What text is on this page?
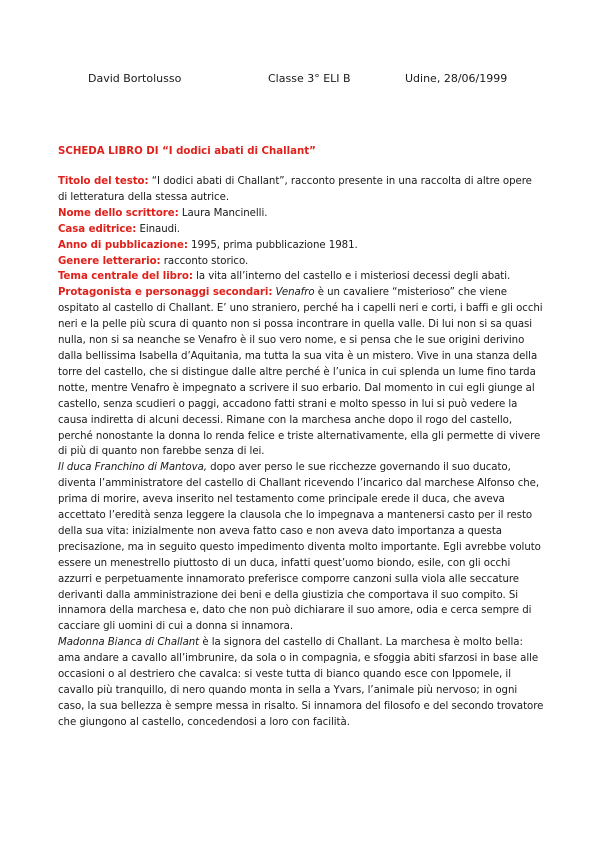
David Bortolusso	Classe 3° ELI B	Udine, 28/06/1999
SCHEDA LIBRO DI “I dodici abati di Challant”

Titolo del testo: “I dodici abati di Challant”, racconto presente in una raccolta di altre opere di letteratura della stessa autrice.

Nome dello scrittore: Laura Mancinelli.

Casa editrice: Einaudi.

Anno di pubblicazione: 1995, prima pubblicazione 1981.

Genere letterario: racconto storico.

Tema centrale del libro: la vita all’interno del castello e i misteriosi decessi degli abati.

Protagonista e personaggi secondari: Venafro è un cavaliere “misterioso” che viene ospitato al castello di Challant. E’ uno straniero, perché ha i capelli neri e corti, i baffi e gli occhi neri e la pelle più scura di quanto non si possa incontrare in quella valle. Di lui non si sa quasi nulla, non si sa neanche se Venafro è il suo vero nome, e si pensa che le sue origini derivino dalla bellissima Isabella d’Aquitania, ma tutta la sua vita è un mistero. Vive in una stanza della torre del castello, che si distingue dalle altre perché è l’unica in cui splenda un lume fino tarda notte, mentre Venafro è impegnato a scrivere il suo erbario. Dal momento in cui egli giunge al castello, senza scudieri o paggi, accadono fatti strani e molto spesso in lui si può vedere la causa indiretta di alcuni decessi. Rimane con la marchesa anche dopo il rogo del castello, perché nonostante la donna lo renda felice e triste alternativamente, ella gli permette di vivere di più di quanto non farebbe senza di lei.

Il duca Franchino di Mantova, dopo aver perso le sue ricchezze governando il suo ducato, diventa l’amministratore del castello di Challant ricevendo l’incarico dal marchese Alfonso che, prima di morire, aveva inserito nel testamento come principale erede il duca, che aveva accettato l’eredità senza leggere la clausola che lo impegnava a mantenersi casto per il resto della sua vita: inizialmente non aveva fatto caso e non aveva dato importanza a questa precisazione, ma in seguito questo impedimento diventa molto importante. Egli avrebbe voluto essere un menestrello piuttosto di un duca, infatti quest’uomo biondo, esile, con gli occhi azzurri e perpetuamente innamorato preferisce comporre canzoni sulla viola alle seccature derivanti dalla amministrazione dei beni e della giustizia che comportava il suo compito. Si innamora della marchesa e, dato che non può dichiarare il suo amore, odia e cerca sempre di cacciare gli uomini di cui a donna si innamora.

Madonna Bianca di Challant è la signora del castello di Challant. La marchesa è molto bella: ama andare a cavallo all’imbrunire, da sola o in compagnia, e sfoggia abiti sfarzosi in base alle occasioni o al destriero che cavalca: si veste tutta di bianco quando esce con Ippomele, il cavallo più tranquillo, di nero quando monta in sella a Yvars, l’animale più nervoso; in ogni caso, la sua bellezza è sempre messa in risalto. Si innamora del filosofo e del secondo trovatore che giungono al castello, concedendosi a loro con facilità.
